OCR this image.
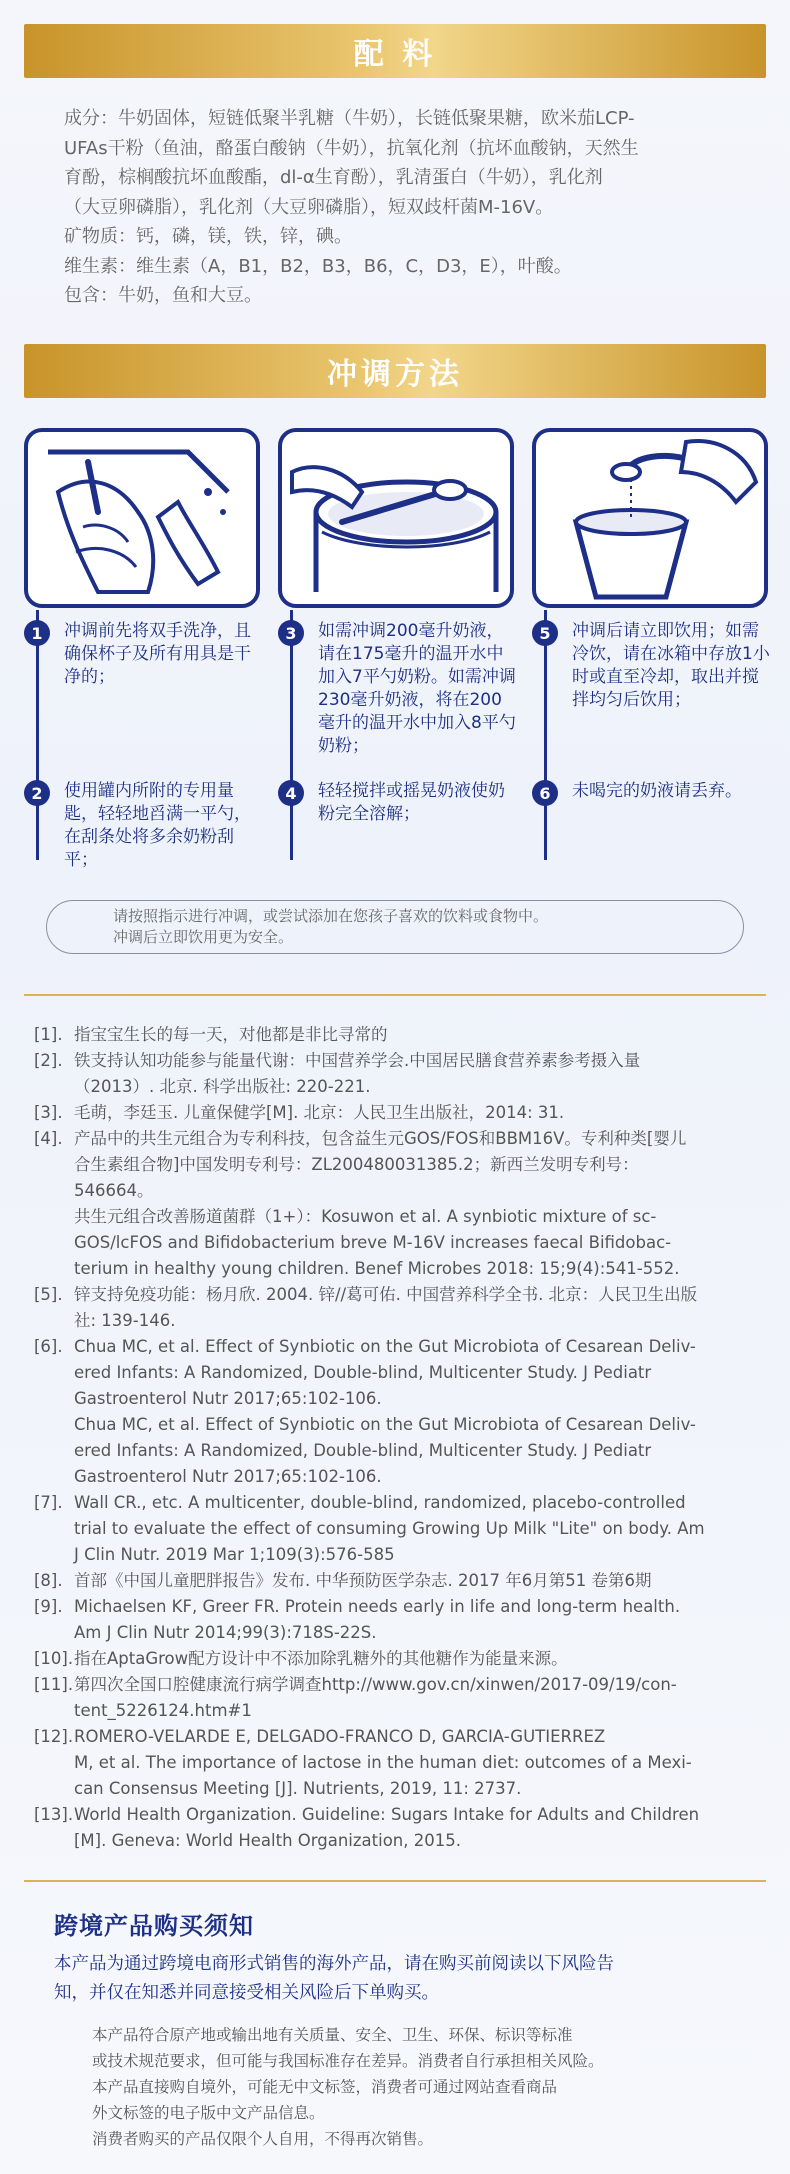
配 料

成分：牛奶固体，短链低聚半乳糖（牛奶），长链低聚果糖，欧米茄LCP-

UFAs干粉（鱼油，酪蛋白酸钠（牛奶），抗氧化剂（抗坏血酸钠，天然生

育酚，棕榈酸抗坏血酸酯，dl-α生育酚），乳清蛋白（牛奶），乳化剂

（大豆卵磷脂），乳化剂（大豆卵磷脂），短双歧杆菌M-16V。

矿物质：钙，磷，镁，铁，锌，碘。

维生素：维生素（A，B1，B2，B3，B6，C，D3，E），叶酸。

包含：牛奶，鱼和大豆。

冲调方法
1	冲调前先将双手洗净，且确保杯子及所有用具是干净的；
2	使用罐内所附的专用量匙，轻轻地舀满一平勺，在刮条处将多余奶粉刮平；
3	如需冲调200毫升奶液，请在175毫升的温开水中加入7平勺奶粉。如需冲调230毫升奶液，将在200毫升的温开水中加入8平勺奶粉；
4	轻轻搅拌或摇晃奶液使奶粉完全溶解；
5	冲调后请立即饮用；如需冷饮，请在冰箱中存放1小时或直至冷却，取出并搅拌均匀后饮用；
6	未喝完的奶液请丢弃。
请按照指示进行冲调，或尝试添加在您孩子喜欢的饮料或食物中。
冲调后立即饮用更为安全。
[1]. 指宝宝生长的每一天，对他都是非比寻常的
[2]. 铁支持认知功能参与能量代谢：中国营养学会.中国居民膳食营养素参考摄入量
（2013）. 北京. 科学出版社: 220-221.
[3]. 毛萌，李廷玉. 儿童保健学[M]. 北京：人民卫生出版社，2014: 31.
[4]. 产品中的共生元组合为专利科技，包含益生元GOS/FOS和BBM16V。专利种类[婴儿
合生素组合物]中国发明专利号：ZL200480031385.2；新西兰发明专利号：
546664。
共生元组合改善肠道菌群（1+）：Kosuwon et al. A synbiotic mixture of sc-
GOS/lcFOS and Bifidobacterium breve M-16V increases faecal Bifidobac-
terium in healthy young children. Benef Microbes 2018: 15;9(4):541-552.
[5]. 锌支持免疫功能：杨月欣. 2004. 锌//葛可佑. 中国营养科学全书. 北京：人民卫生出版
社: 139-146.
[6]. Chua MC, et al. Effect of Synbiotic on the Gut Microbiota of Cesarean Deliv-
ered Infants: A Randomized, Double-blind, Multicenter Study. J Pediatr
Gastroenterol Nutr 2017;65:102-106.
Chua MC, et al. Effect of Synbiotic on the Gut Microbiota of Cesarean Deliv-
ered Infants: A Randomized, Double-blind, Multicenter Study. J Pediatr
Gastroenterol Nutr 2017;65:102-106.
[7]. Wall CR., etc. A multicenter, double-blind, randomized, placebo-controlled
trial to evaluate the effect of consuming Growing Up Milk "Lite" on body. Am
J Clin Nutr. 2019 Mar 1;109(3):576-585
[8]. 首部《中国儿童肥胖报告》发布. 中华预防医学杂志. 2017 年6月第51 卷第6期
[9]. Michaelsen KF, Greer FR. Protein needs early in life and long-term health.
Am J Clin Nutr 2014;99(3):718S-22S.
[10]. 指在AptaGrow配方设计中不添加除乳糖外的其他糖作为能量来源。
[11]. 第四次全国口腔健康流行病学调查http://www.gov.cn/xinwen/2017-09/19/con-
tent_5226124.htm#1
[12]. ROMERO-VELARDE E, DELGADO-FRANCO D, GARCIA-GUTIERREZ
M, et al. The importance of lactose in the human diet: outcomes of a Mexi-
can Consensus Meeting [J]. Nutrients, 2019, 11: 2737.
[13]. World Health Organization. Guideline: Sugars Intake for Adults and Children
[M]. Geneva: World Health Organization, 2015.
跨境产品购买须知
本产品为通过跨境电商形式销售的海外产品，请在购买前阅读以下风险告
知，并仅在知悉并同意接受相关风险后下单购买。
本产品符合原产地或输出地有关质量、安全、卫生、环保、标识等标准
或技术规范要求，但可能与我国标准存在差异。消费者自行承担相关风险。
本产品直接购自境外，可能无中文标签，消费者可通过网站查看商品
外文标签的电子版中文产品信息。
消费者购买的产品仅限个人自用，不得再次销售。
